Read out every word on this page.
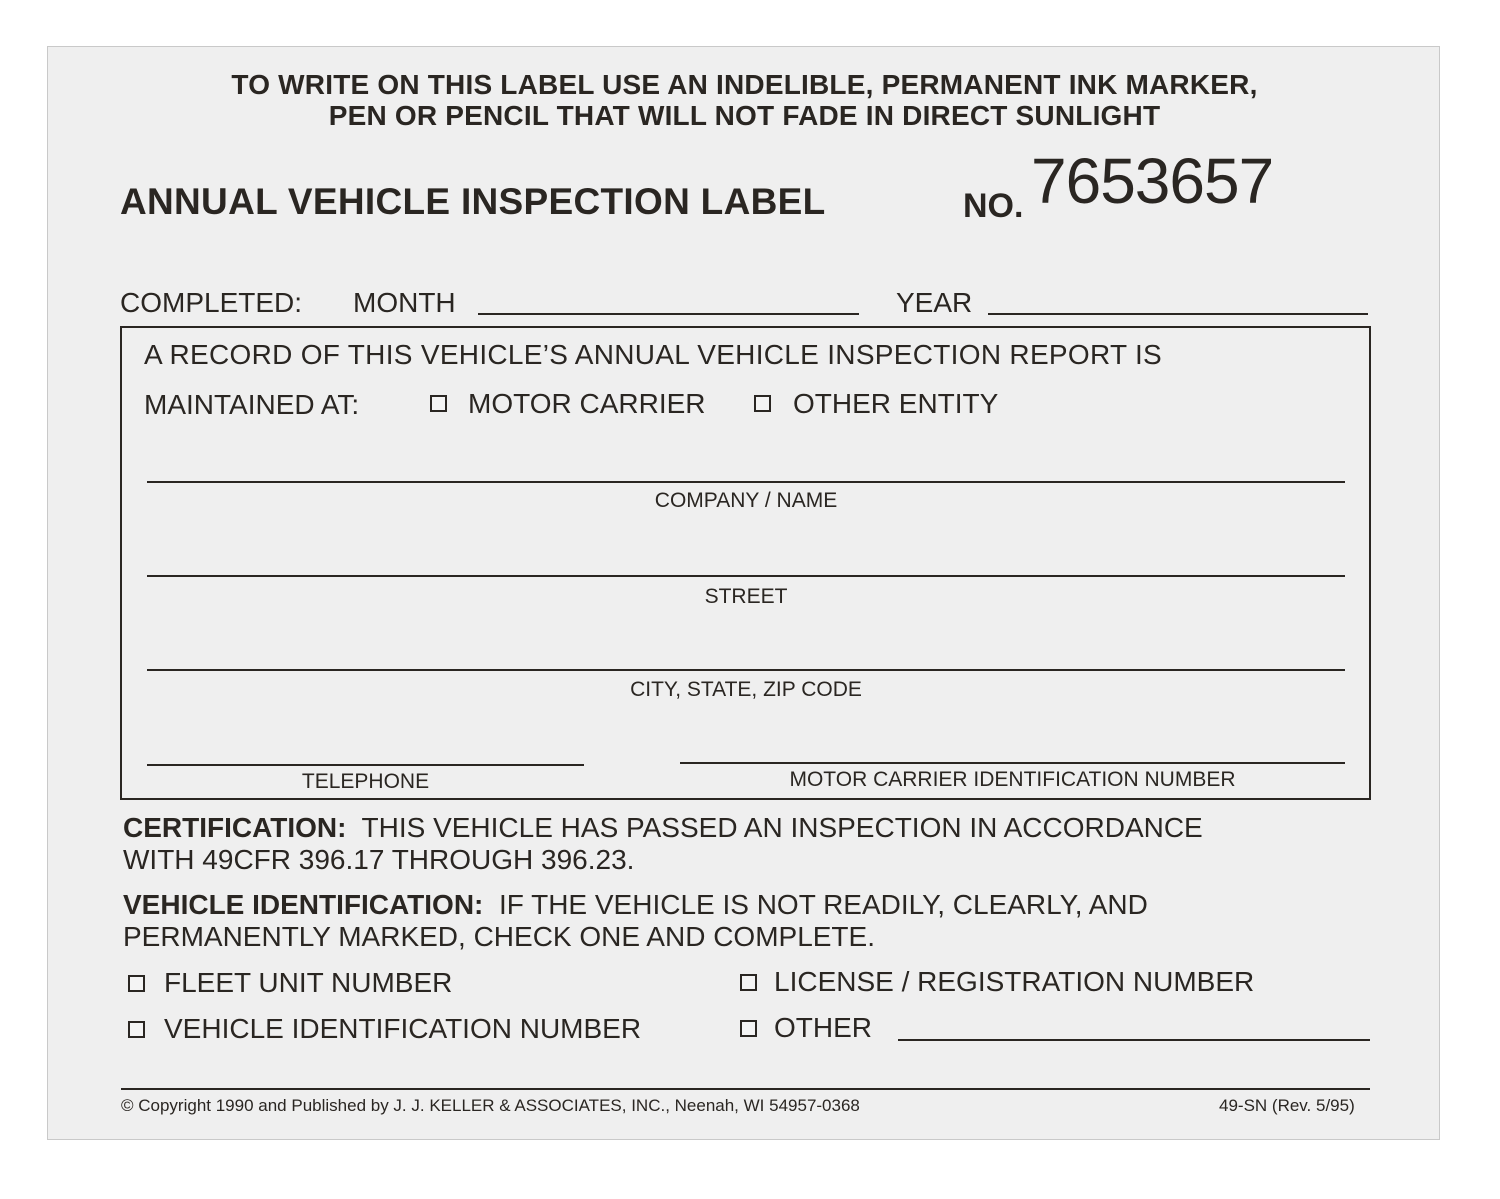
TO WRITE ON THIS LABEL USE AN INDELIBLE, PERMANENT INK MARKER,
PEN OR PENCIL THAT WILL NOT FADE IN DIRECT SUNLIGHT
ANNUAL VEHICLE INSPECTION LABEL	NO. 7653657
COMPLETED: MONTH	YEAR
A RECORD OF THIS VEHICLE’S ANNUAL VEHICLE INSPECTION REPORT IS
MAINTAINED AT:	MOTOR CARRIER	OTHER ENTITY
COMPANY / NAME
STREET
CITY, STATE, ZIP CODE
TELEPHONE	MOTOR CARRIER IDENTIFICATION NUMBER
CERTIFICATION: THIS VEHICLE HAS PASSED AN INSPECTION IN ACCORDANCE
WITH 49CFR 396.17 THROUGH 396.23.
VEHICLE IDENTIFICATION: IF THE VEHICLE IS NOT READILY, CLEARLY, AND
PERMANENTLY MARKED, CHECK ONE AND COMPLETE.
FLEET UNIT NUMBER	LICENSE / REGISTRATION NUMBER
VEHICLE IDENTIFICATION NUMBER	OTHER
© Copyright 1990 and Published by J. J. KELLER & ASSOCIATES, INC., Neenah, WI 54957-0368	49-SN (Rev. 5/95)
